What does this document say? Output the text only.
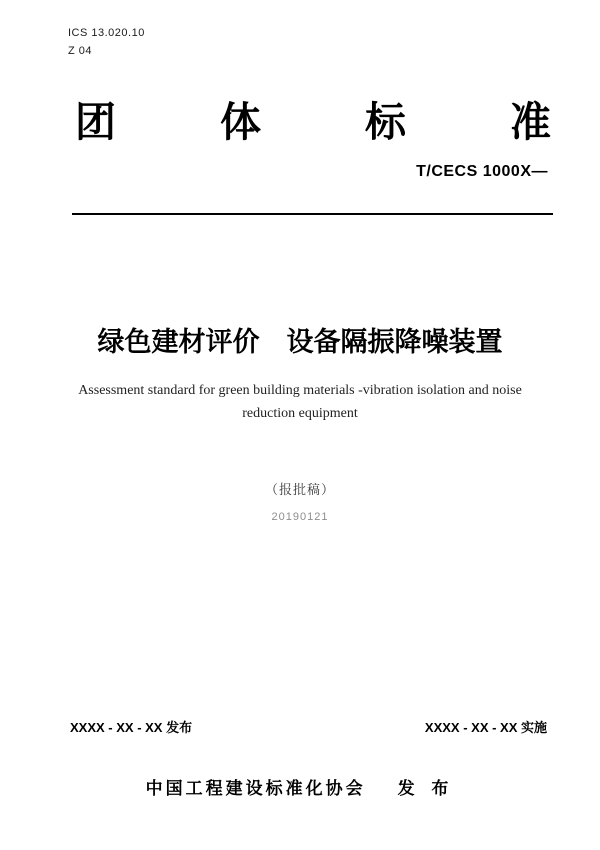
ICS 13.020.10
Z 04
团	体	标	准
T/CECS 1000X—
绿色建材评价　设备隔振降噪装置
Assessment standard for green building materials -vibration isolation and noise
reduction equipment
（报批稿）
20190121
XXXX - XX - XX 发布	XXXX - XX - XX 实施
中国工程建设标准化协会 发 布
